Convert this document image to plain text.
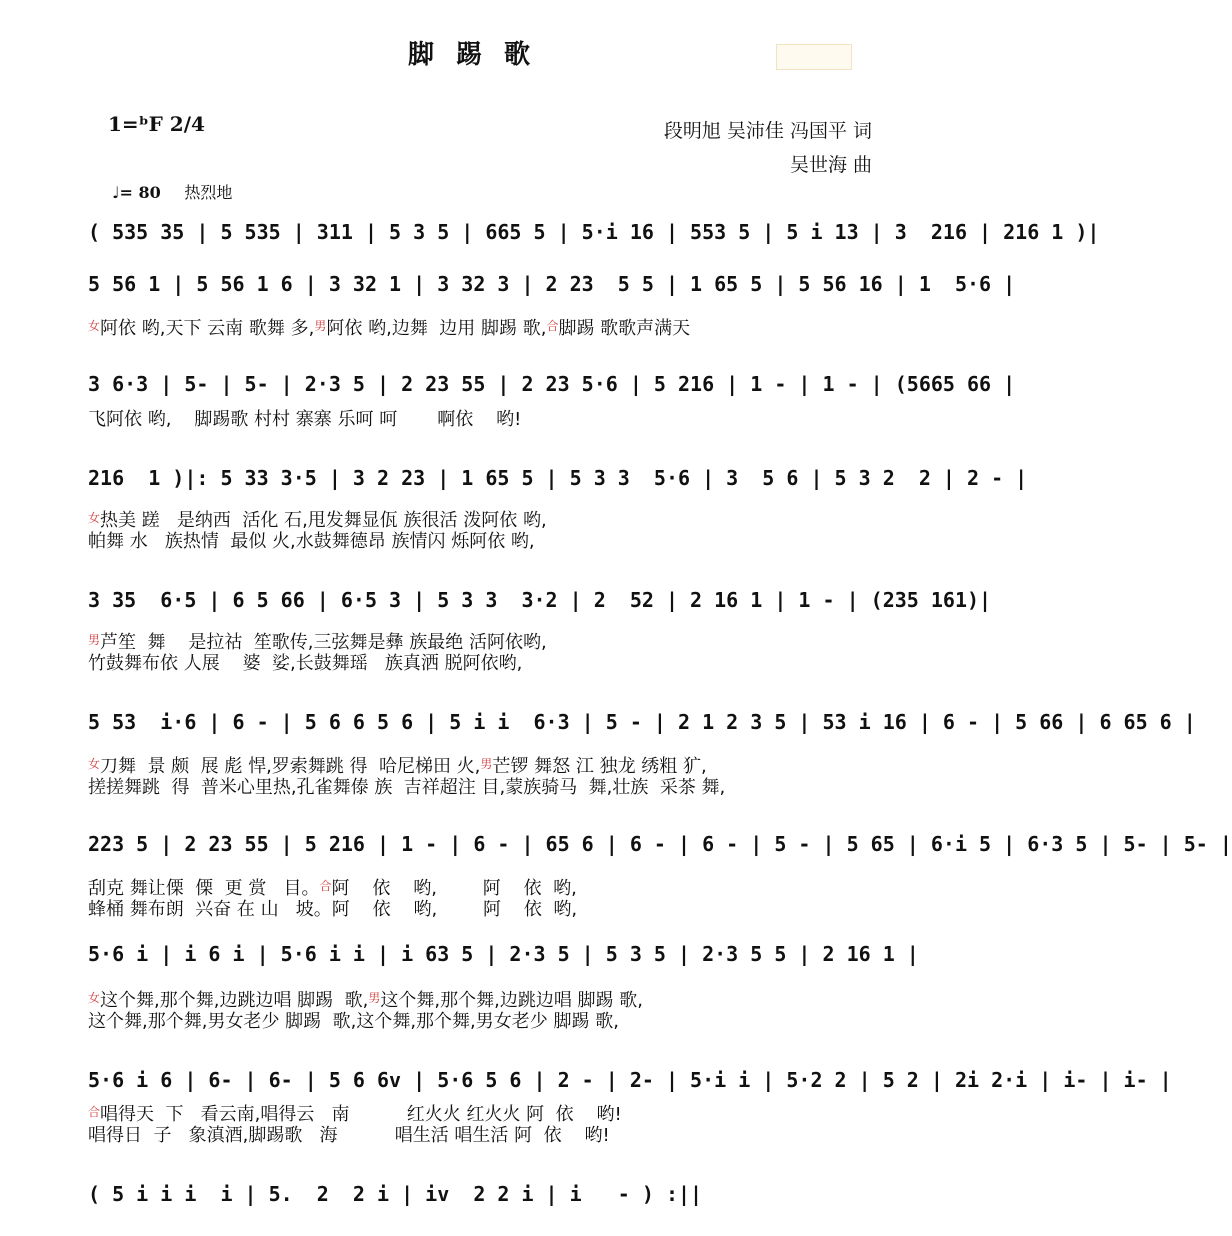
脚踢歌
1=ᵇF 2/4	段明旭 吴沛佳 冯国平 词
吴世海 曲
♩= 80 热烈地
( 535 35 | 5 535 | 311 | 5 3 5 | 665 5 | 5·i 16 | 553 5 | 5 i 13 | 3  216 | 216 1 )|
5 56 1 | 5 56 1 6 | 3 32 1 | 3 32 3 | 2 23  5 5 | 1 65 5 | 5 56 16 | 1  5·6 |
$^女$阿依 哟,天下 云南 歌舞 多,$^男$阿依 哟,边舞  边用 脚踢 歌,$^合$脚踢 歌歌声满天
3 6·3 | 5- | 5- | 2·3 5 | 2 23 55 | 2 23 5·6 | 5 216 | 1 - | 1 - | (5665 66 |
飞阿依 哟,    脚踢歌 村村 寨寨 乐呵 呵       啊依    哟!
216  1 )|: 5 33 3·5 | 3 2 23 | 1 65 5 | 5 3 3  5·6 | 3  5 6 | 5 3 2  2 | 2 - |
$^女$热美 蹉   是纳西  活化 石,甩发舞显佤 族很活 泼阿依 哟,
帕舞 水   族热情  最似 火,水鼓舞德昂 族情闪 烁阿依 哟,
3 35  6·5 | 6 5 66 | 6·5 3 | 5 3 3  3·2 | 2  52 | 2 16 1 | 1 - | (235 161)|
$^男$芦笙  舞    是拉祜  笙歌传,三弦舞是彝 族最绝 活阿依哟,
竹鼓舞布依 人展    婆  娑,长鼓舞瑶   族真洒 脱阿依哟,
5 53  i·6 | 6 - | 5 6 6 5 6 | 5 i i  6·3 | 5 - | 2 1 2 3 5 | 53 i 16 | 6 - | 5 66 | 6 65 6 |
$^女$刀舞  景 颇  展 彪 悍,罗索舞跳 得  哈尼梯田 火,$^男$芒锣 舞怒 江 独龙 绣粗 犷,
搓搓舞跳  得  普米心里热,孔雀舞傣 族  吉祥超注 目,蒙族骑马  舞,壮族  采茶 舞,
223 5 | 2 23 55 | 5 216 | 1 - | 6 - | 65 6 | 6 - | 6 - | 5 - | 5 65 | 6·i 5 | 6·3 5 | 5- | 5- |
刮克 舞让傈  傈  更 赏   目。$^合$阿    依    哟,        阿    依  哟,
蜂桶 舞布朗  兴奋 在 山   坡。阿    依    哟,        阿    依  哟,
5·6 i | i 6 i | 5·6 i i | i 63 5 | 2·3 5 | 5 3 5 | 2·3 5 5 | 2 16 1 |
$^女$这个舞,那个舞,边跳边唱 脚踢  歌,$^男$这个舞,那个舞,边跳边唱 脚踢 歌,
这个舞,那个舞,男女老少 脚踢  歌,这个舞,那个舞,男女老少 脚踢 歌,
5·6 i 6 | 6- | 6- | 5 6 6v | 5·6 5 6 | 2 - | 2- | 5·i i | 5·2 2 | 5 2 | 2i 2·i | i- | i- |
$^合$唱得天  下   看云南,唱得云   南          红火火 红火火 阿  依    哟!
唱得日  子   象滇酒,脚踢歌   海          唱生活 唱生活 阿  依    哟!
( 5 i i i  i | 5.  2  2 i | iv  2 2 i | i   - ) :||
